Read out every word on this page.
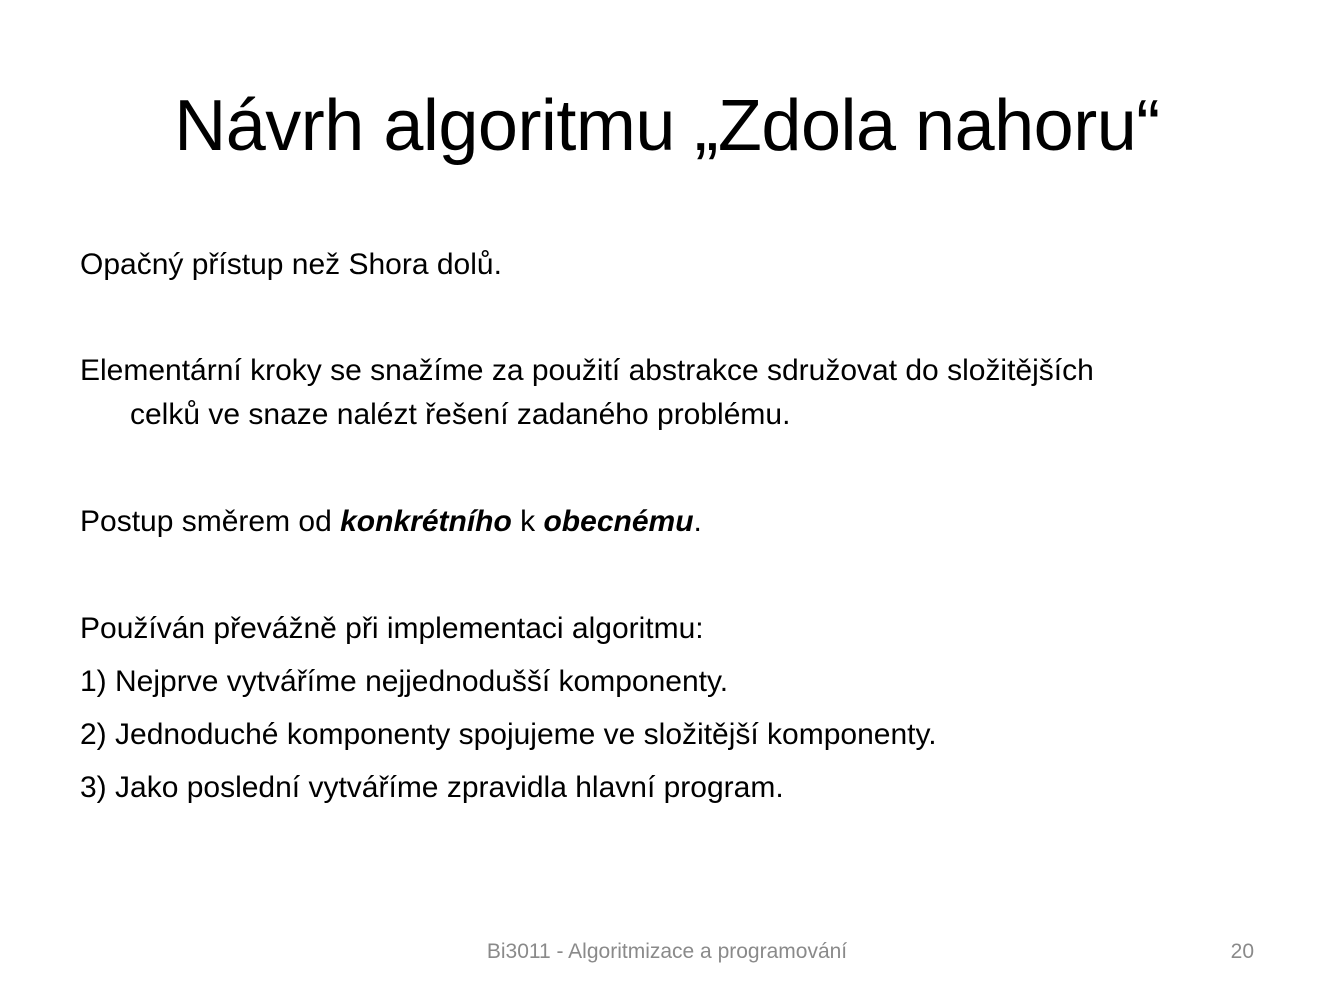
Návrh algoritmu „Zdola nahoru“
Opačný přístup než Shora dolů.
Elementární kroky se snažíme za použití abstrakce sdružovat do složitějších
celků ve snaze nalézt řešení zadaného problému.
Postup směrem od konkrétního k obecnému.
Používán převážně při implementaci algoritmu:
1) Nejprve vytváříme nejjednodušší komponenty.
2) Jednoduché komponenty spojujeme ve složitější komponenty.
3) Jako poslední vytváříme zpravidla hlavní program.
Bi3011 - Algoritmizace a programování	20
